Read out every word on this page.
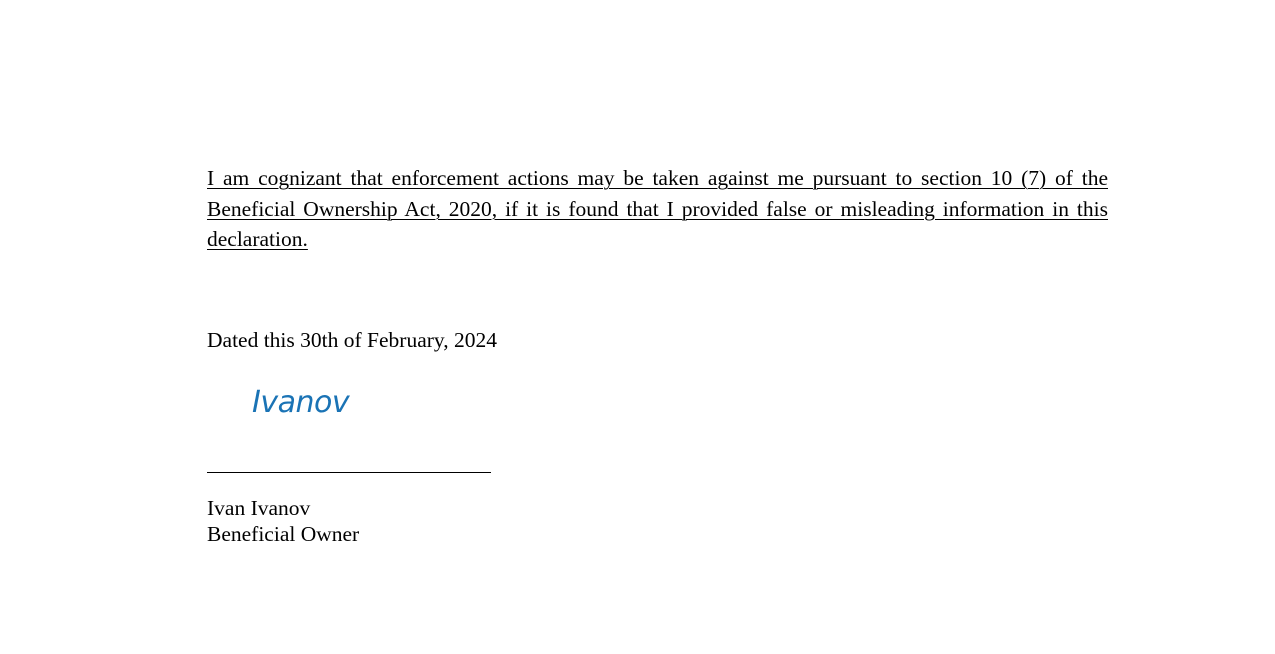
I am cognizant that enforcement actions may be taken against me pursuant to section 10 (7) of the Beneficial Ownership Act, 2020, if it is found that I provided false or misleading information in this declaration.

Dated this 30th of February, 2024

Ivanov

Ivan Ivanov

Beneficial Owner
